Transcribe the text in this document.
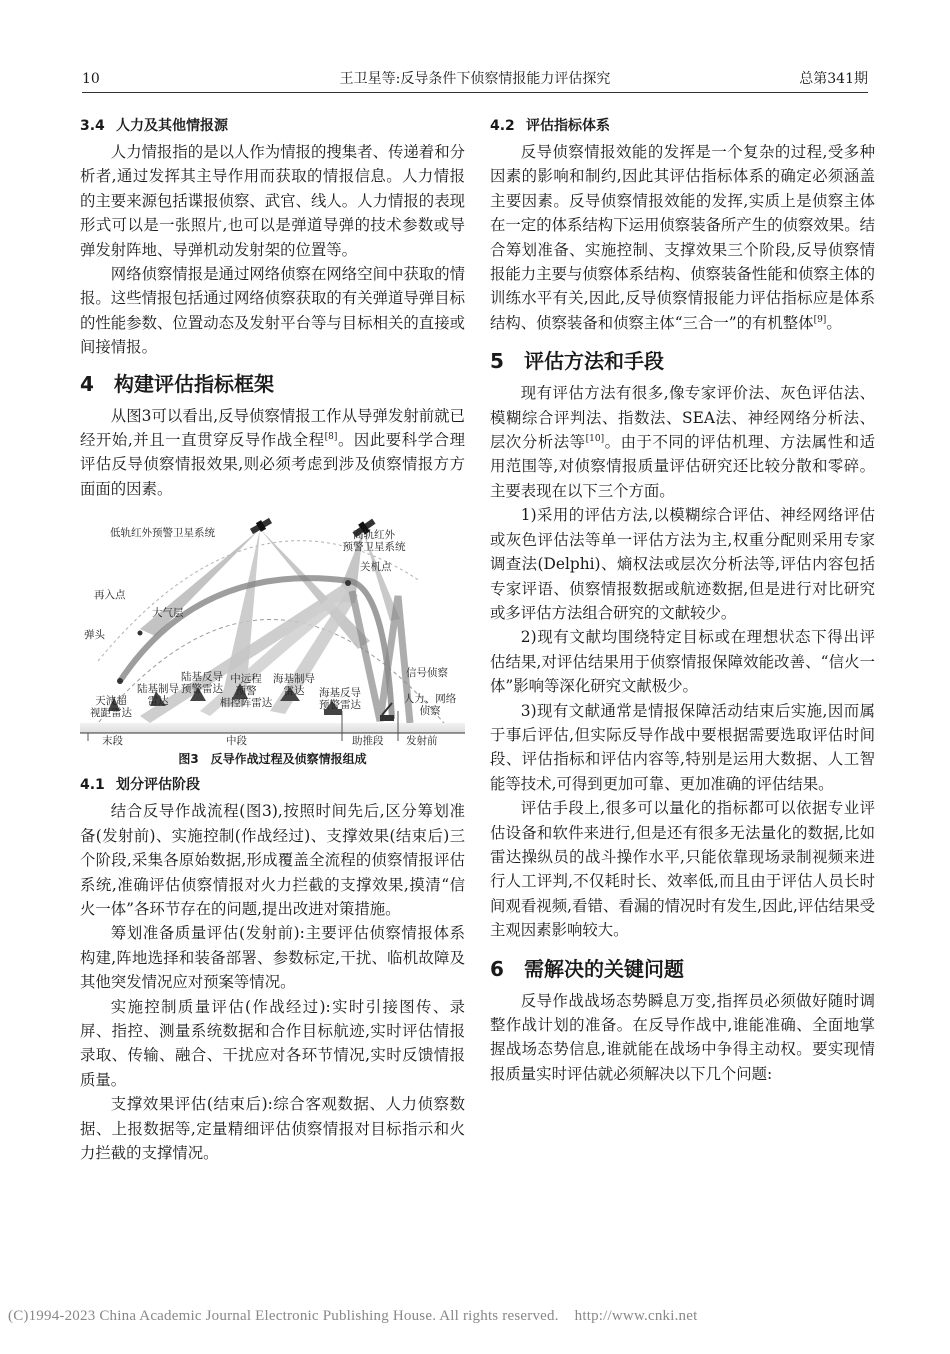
10	王卫星等:反导条件下侦察情报能力评估探究	总第341期
3.4 人力及其他情报源

人力情报指的是以人作为情报的搜集者、传递着和分析者,通过发挥其主导作用而获取的情报信息。人力情报的主要来源包括谍报侦察、武官、线人。人力情报的表现形式可以是一张照片,也可以是弹道导弹的技术参数或导弹发射阵地、导弹机动发射架的位置等。

网络侦察情报是通过网络侦察在网络空间中获取的情报。这些情报包括通过网络侦察获取的有关弹道导弹目标的性能参数、位置动态及发射平台等与目标相关的直接或间接情报。

4 构建评估指标框架

从图3可以看出,反导侦察情报工作从导弹发射前就已经开始,并且一直贯穿反导作战全程[8]。因此要科学合理评估反导侦察情报效果,则必须考虑到涉及侦察情报方方面面的因素。

低轨红外预警卫星系统	高轨红外
预警卫星系统
关机点
再入点
大气层
弹头
信号侦察
人力、网络
侦察
天波超
视距雷达
陆基制导
雷达
陆基反导
预警雷达
中远程
预警
相控阵雷达
海基制导
雷达	海基反导
预警雷达
末段	中段	助推段 发射前
图3　反导作战过程及侦察情报组成
4.1 划分评估阶段

结合反导作战流程(图3),按照时间先后,区分筹划准备(发射前)、实施控制(作战经过)、支撑效果(结束后)三个阶段,采集各原始数据,形成覆盖全流程的侦察情报评估系统,准确评估侦察情报对火力拦截的支撑效果,摸清“信火一体”各环节存在的问题,提出改进对策措施。

筹划准备质量评估(发射前):主要评估侦察情报体系构建,阵地选择和装备部署、参数标定,干扰、临机故障及其他突发情况应对预案等情况。

实施控制质量评估(作战经过):实时引接图传、录屏、指控、测量系统数据和合作目标航迹,实时评估情报录取、传输、融合、干扰应对各环节情况,实时反馈情报质量。

支撑效果评估(结束后):综合客观数据、人力侦察数据、上报数据等,定量精细评估侦察情报对目标指示和火力拦截的支撑情况。

4.2 评估指标体系

反导侦察情报效能的发挥是一个复杂的过程,受多种因素的影响和制约,因此其评估指标体系的确定必须涵盖主要因素。反导侦察情报效能的发挥,实质上是侦察主体在一定的体系结构下运用侦察装备所产生的侦察效果。结合筹划准备、实施控制、支撑效果三个阶段,反导侦察情报能力主要与侦察体系结构、侦察装备性能和侦察主体的训练水平有关,因此,反导侦察情报能力评估指标应是体系结构、侦察装备和侦察主体“三合一”的有机整体[9]。

5 评估方法和手段

现有评估方法有很多,像专家评价法、灰色评估法、模糊综合评判法、指数法、SEA法、神经网络分析法、层次分析法等[10]。由于不同的评估机理、方法属性和适用范围等,对侦察情报质量评估研究还比较分散和零碎。主要表现在以下三个方面。

1)采用的评估方法,以模糊综合评估、神经网络评估或灰色评估法等单一评估方法为主,权重分配则采用专家调查法(Delphi)、熵权法或层次分析法等,评估内容包括专家评语、侦察情报数据或航迹数据,但是进行对比研究或多评估方法组合研究的文献较少。

2)现有文献均围绕特定目标或在理想状态下得出评估结果,对评估结果用于侦察情报保障效能改善、“信火一体”影响等深化研究文献极少。

3)现有文献通常是情报保障活动结束后实施,因而属于事后评估,但实际反导作战中要根据需要选取评估时间段、评估指标和评估内容等,特别是运用大数据、人工智能等技术,可得到更加可靠、更加准确的评估结果。

评估手段上,很多可以量化的指标都可以依据专业评估设备和软件来进行,但是还有很多无法量化的数据,比如雷达操纵员的战斗操作水平,只能依靠现场录制视频来进行人工评判,不仅耗时长、效率低,而且由于评估人员长时间观看视频,看错、看漏的情况时有发生,因此,评估结果受主观因素影响较大。

6 需解决的关键问题

反导作战战场态势瞬息万变,指挥员必须做好随时调整作战计划的准备。在反导作战中,谁能准确、全面地掌握战场态势信息,谁就能在战场中争得主动权。要实现情报质量实时评估就必须解决以下几个问题:

(C)1994-2023 China Academic Journal Electronic Publishing House. All rights reserved. http://www.cnki.net
